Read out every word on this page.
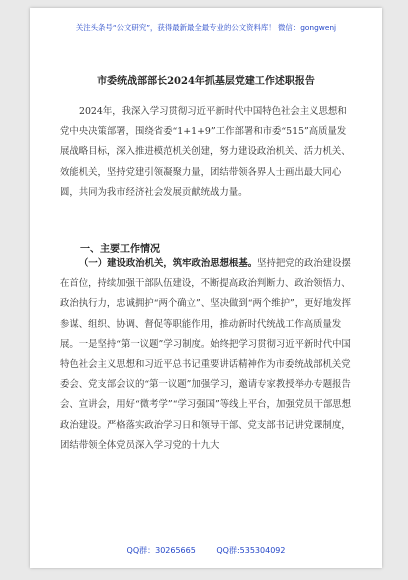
关注头条号“公文研究”，获得最新最全最专业的公文资料库！ 微信：gongwenj
市委统战部部长2024年抓基层党建工作述职报告

2024年，我深入学习贯彻习近平新时代中国特色社会主义思想和党中央决策部署，围绕省委“1+1+9”工作部署和市委“515”高质量发展战略目标，深入推进模范机关创建，努力建设政治机关、活力机关、效能机关，坚持党建引领凝聚力量，团结带领各界人士画出最大同心圆，共同为我市经济社会发展贡献统战力量。

一、主要工作情况

（一）建设政治机关，筑牢政治思想根基。坚持把党的政治建设摆在首位，持续加强干部队伍建设，不断提高政治判断力、政治领悟力、政治执行力，忠诚拥护“两个确立”、坚决做到“两个维护”，更好地发挥参谋、组织、协调、督促等职能作用，推动新时代统战工作高质量发展。一是坚持“第一议题”学习制度。始终把学习贯彻习近平新时代中国特色社会主义思想和习近平总书记重要讲话精神作为市委统战部机关党委会、党支部会议的“第一议题”加强学习，邀请专家教授举办专题报告会、宣讲会，用好“微考学”“学习强国”等线上平台，加强党员干部思想政治建设。严格落实政治学习日和领导干部、党支部书记讲党课制度，团结带领全体党员深入学习党的十九大

QQ群：30265665	QQ群:535304092
